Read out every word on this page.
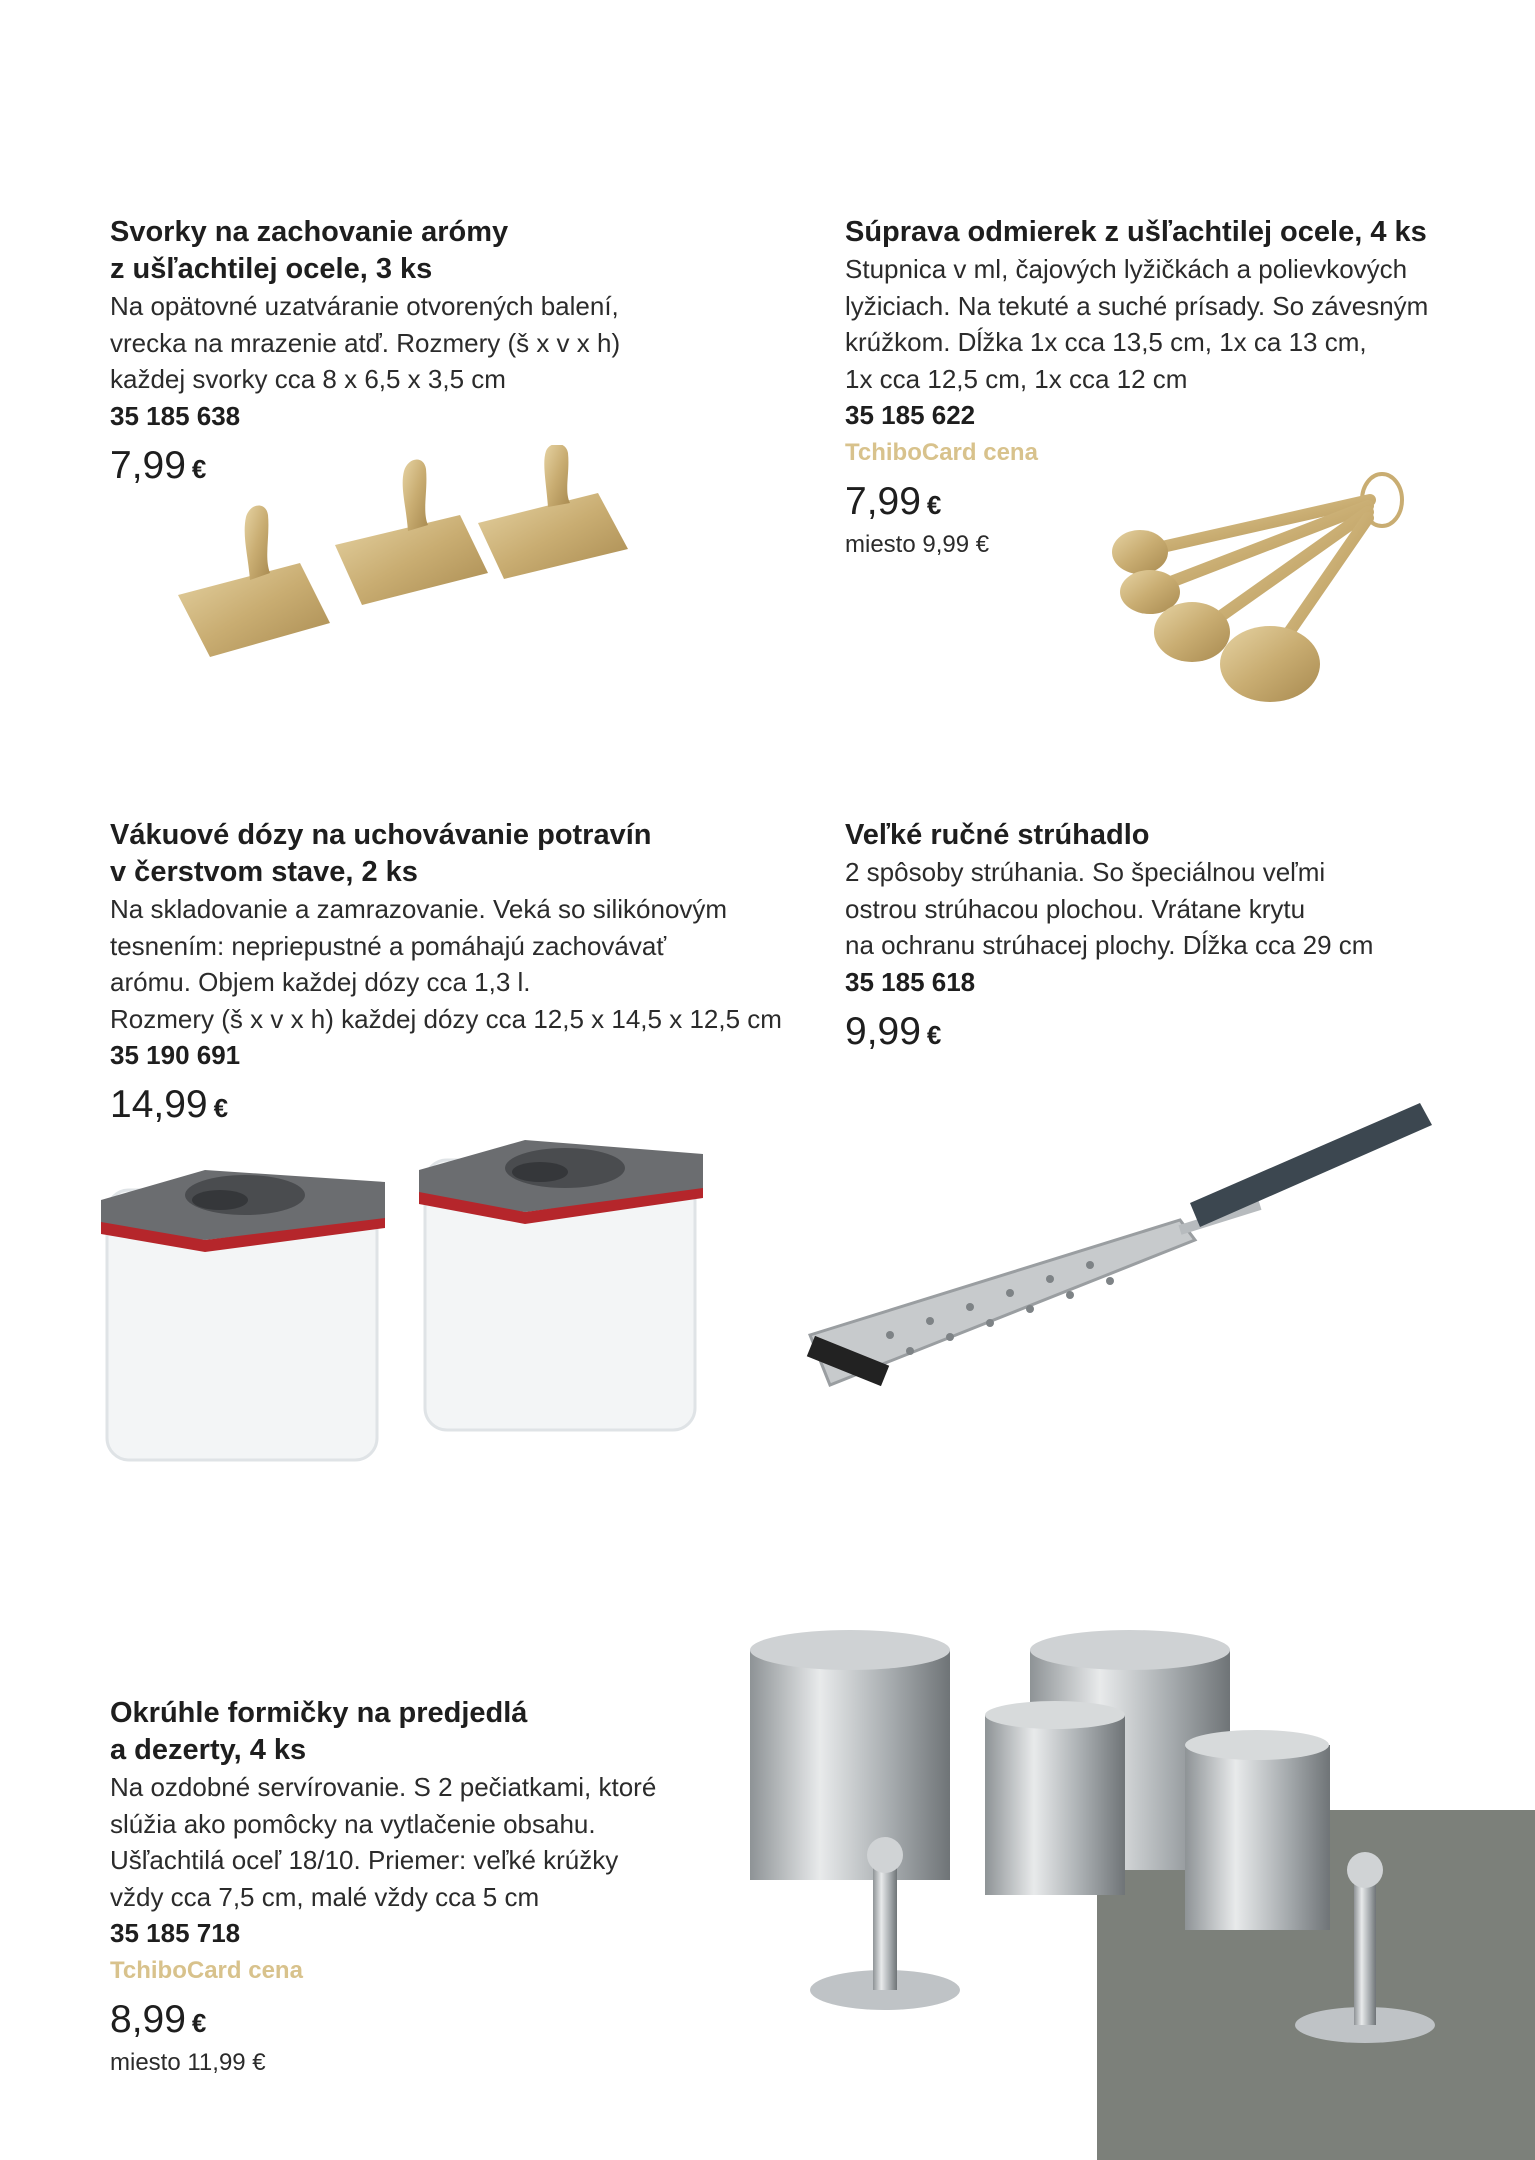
Svorky na zachovanie arómy
z ušľachtilej ocele, 3 ks
Na opätovné uzatváranie otvorených balení,
vrecka na mrazenie atď. Rozmery (š x v x h)
každej svorky cca 8 x 6,5 x 3,5 cm
35 185 638
7,99 €
Súprava odmierek z ušľachtilej ocele, 4 ks
Stupnica v ml, čajových lyžičkách a polievkových
lyžiciach. Na tekuté a suché prísady. So závesným
krúžkom. Dĺžka 1x cca 13,5 cm, 1x ca 13 cm,
1x cca 12,5 cm, 1x cca 12 cm
35 185 622
TchiboCard cena
7,99 €
miesto 9,99 €
Vákuové dózy na uchovávanie potravín
v čerstvom stave, 2 ks
Na skladovanie a zamrazovanie. Veká so silikónovým
tesnením: nepriepustné a pomáhajú zachovávať
arómu. Objem každej dózy cca 1,3 l.
Rozmery (š x v x h) každej dózy cca 12,5 x 14,5 x 12,5 cm
35 190 691
14,99 €
Veľké ručné strúhadlo
2 spôsoby strúhania. So špeciálnou veľmi
ostrou strúhacou plochou. Vrátane krytu
na ochranu strúhacej plochy. Dĺžka cca 29 cm
35 185 618
9,99 €
Okrúhle formičky na predjedlá
a dezerty, 4 ks
Na ozdobné servírovanie. S 2 pečiatkami, ktoré
slúžia ako pomôcky na vytlačenie obsahu.
Ušľachtilá oceľ 18/10. Priemer: veľké krúžky
vždy cca 7,5 cm, malé vždy cca 5 cm
35 185 718
TchiboCard cena
8,99 €
miesto 11,99 €
